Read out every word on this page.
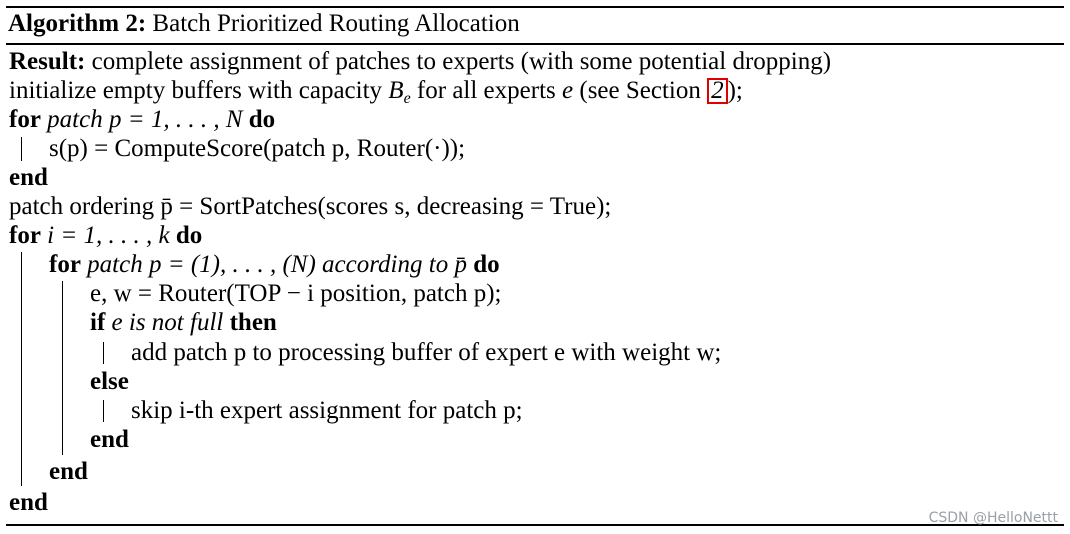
Algorithm 2: Batch Prioritized Routing Allocation
Result: complete assignment of patches to experts (with some potential dropping)
initialize empty buffers with capacity $B_e$ for all experts e (see Section 2 );
for patch p = 1, . . . , N do
s(p) = ComputeScore(patch p, Router(·));
end
patch ordering p̄ = SortPatches(scores s, decreasing = True);
for i = 1, . . . , k do
for patch p = (1), . . . , (N) according to p̄ do
e, w = Router(TOP − i position, patch p);
if e is not full then
add patch p to processing buffer of expert e with weight w;
else
skip i-th expert assignment for patch p;
end
end
end
CSDN @HelloNettt
